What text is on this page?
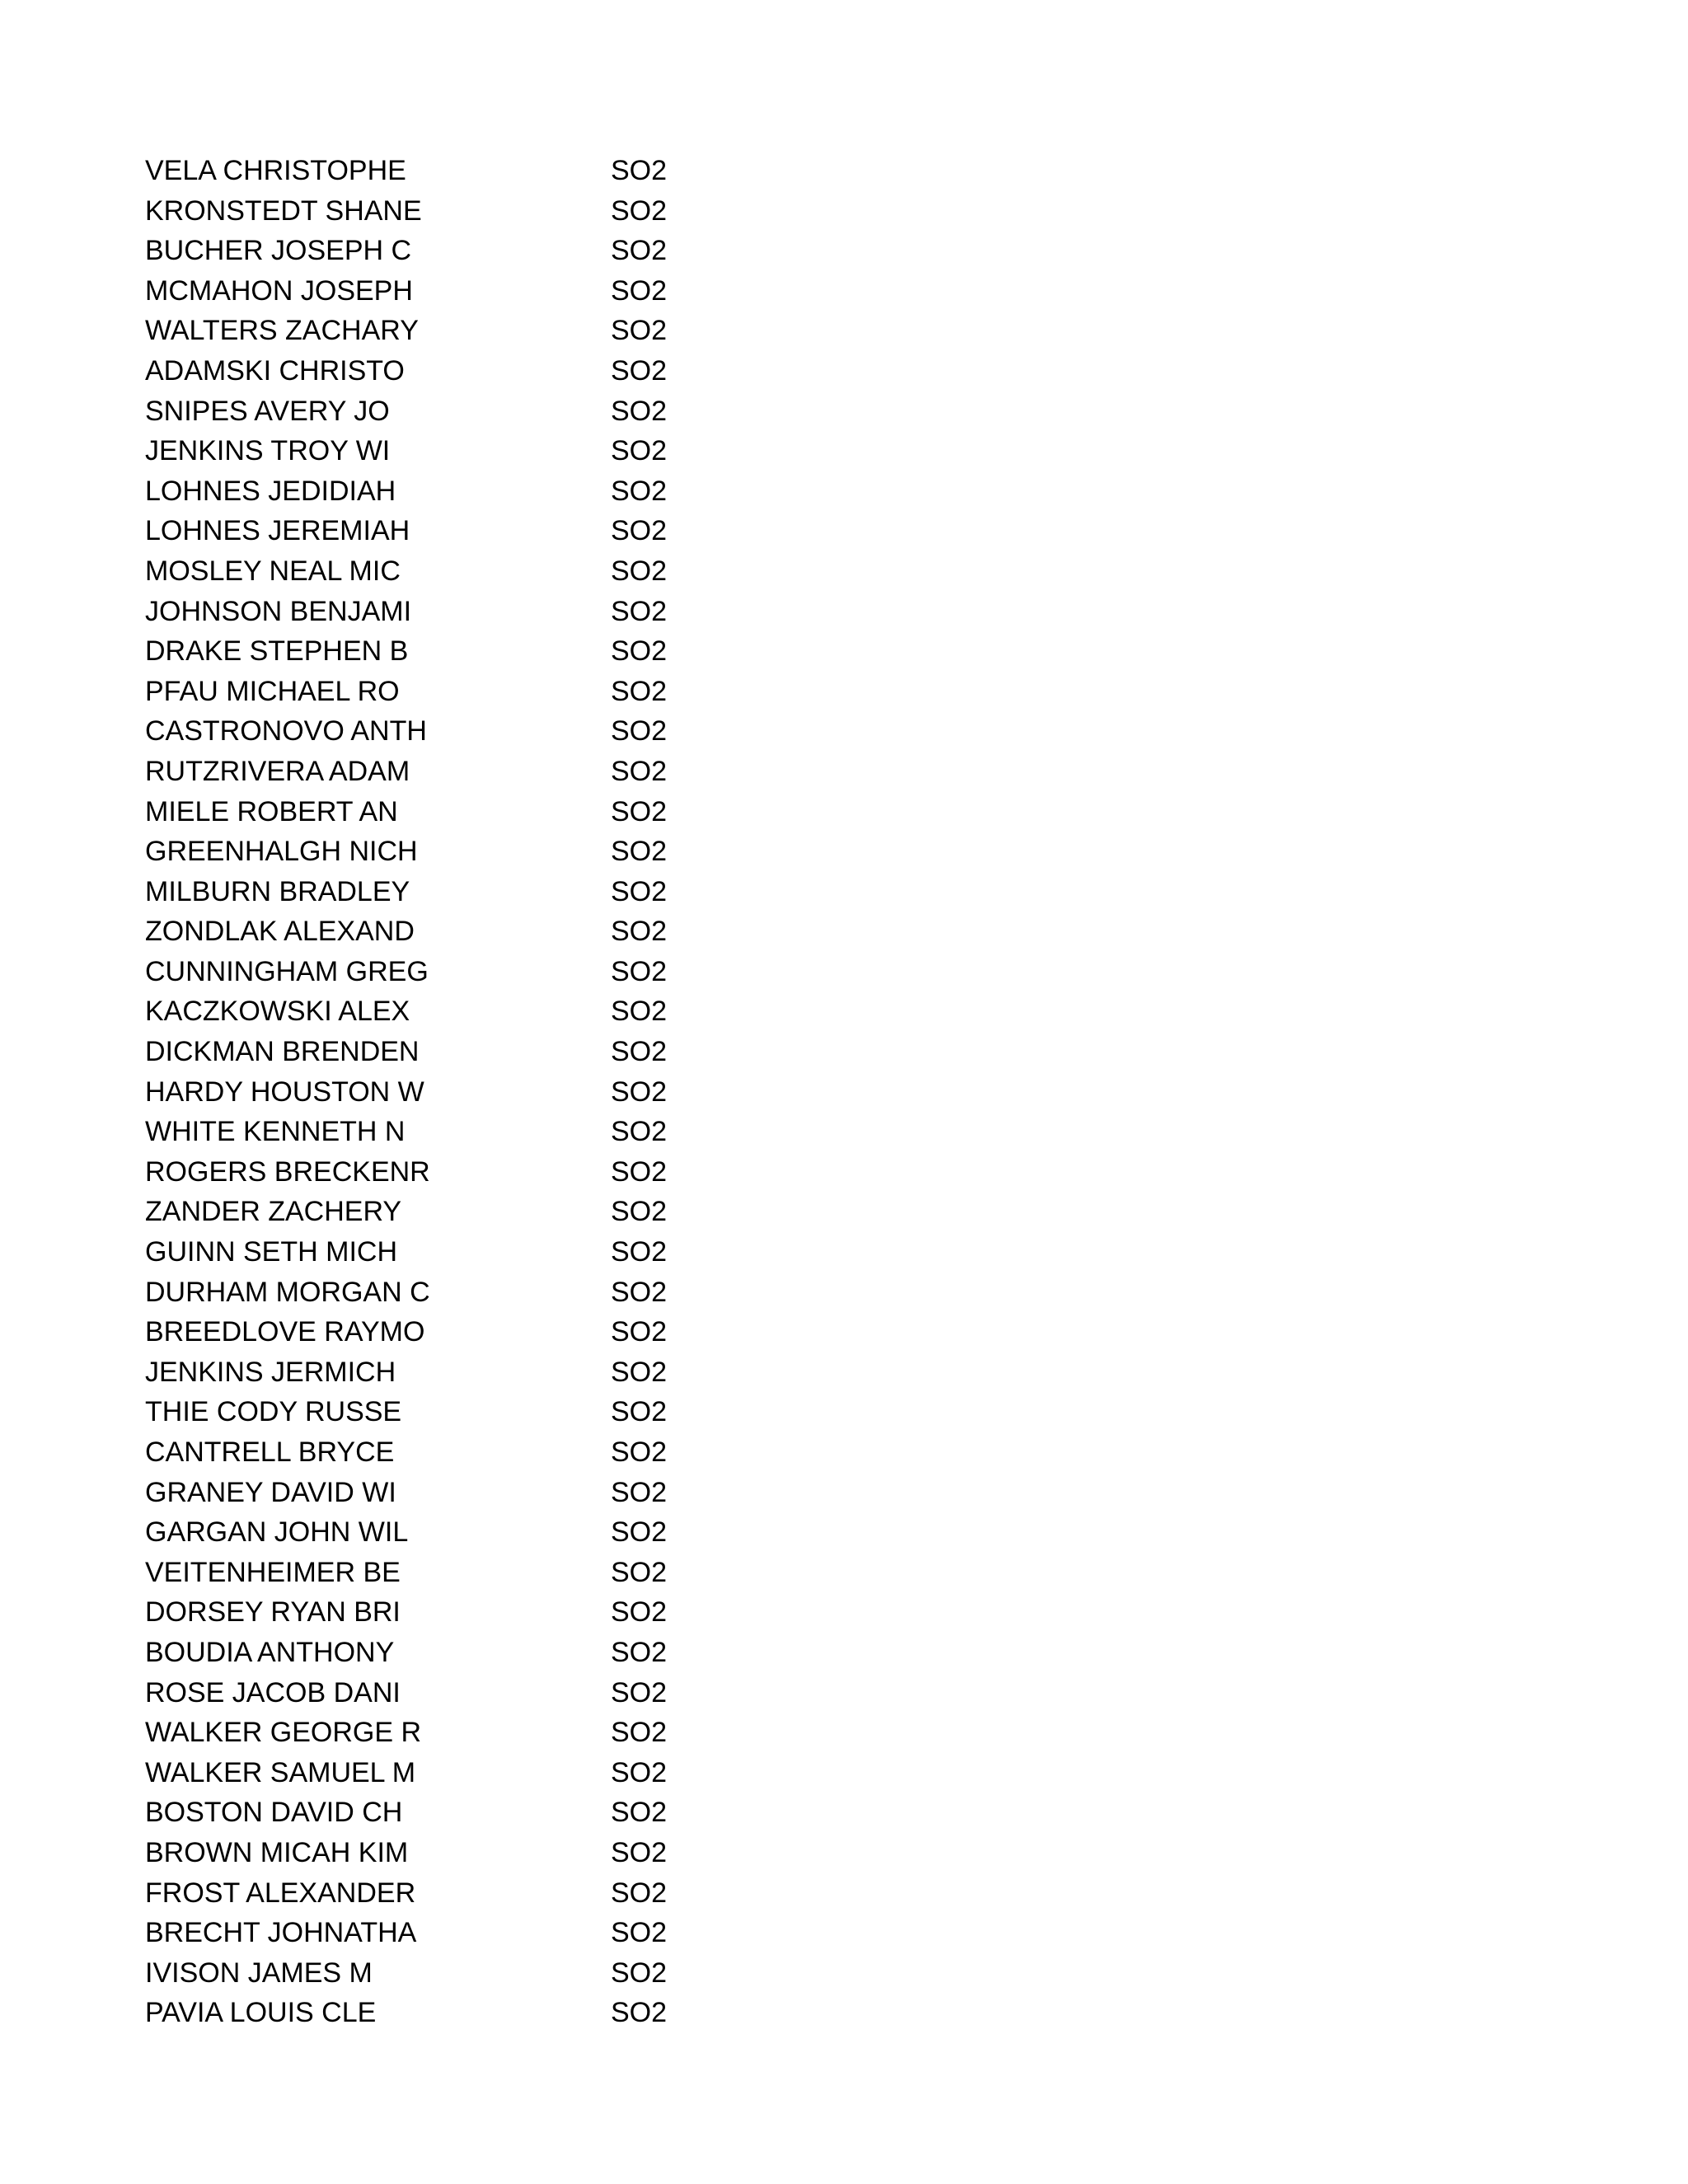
VELA CHRISTOPHE	SO2
KRONSTEDT SHANE	SO2
BUCHER JOSEPH C	SO2
MCMAHON JOSEPH	SO2
WALTERS ZACHARY	SO2
ADAMSKI CHRISTO	SO2
SNIPES AVERY JO	SO2
JENKINS TROY WI	SO2
LOHNES JEDIDIAH	SO2
LOHNES JEREMIAH	SO2
MOSLEY NEAL MIC	SO2
JOHNSON BENJAMI	SO2
DRAKE STEPHEN B	SO2
PFAU MICHAEL RO	SO2
CASTRONOVO ANTH	SO2
RUTZRIVERA ADAM	SO2
MIELE ROBERT AN	SO2
GREENHALGH NICH	SO2
MILBURN BRADLEY	SO2
ZONDLAK ALEXAND	SO2
CUNNINGHAM GREG	SO2
KACZKOWSKI ALEX	SO2
DICKMAN BRENDEN	SO2
HARDY HOUSTON W	SO2
WHITE KENNETH N	SO2
ROGERS BRECKENR	SO2
ZANDER ZACHERY	SO2
GUINN SETH MICH	SO2
DURHAM MORGAN C	SO2
BREEDLOVE RAYMO	SO2
JENKINS JERMICH	SO2
THIE CODY RUSSE	SO2
CANTRELL BRYCE	SO2
GRANEY DAVID WI	SO2
GARGAN JOHN WIL	SO2
VEITENHEIMER BE	SO2
DORSEY RYAN BRI	SO2
BOUDIA ANTHONY	SO2
ROSE JACOB DANI	SO2
WALKER GEORGE R	SO2
WALKER SAMUEL M	SO2
BOSTON DAVID CH	SO2
BROWN MICAH KIM	SO2
FROST ALEXANDER	SO2
BRECHT JOHNATHA	SO2
IVISON JAMES M	SO2
PAVIA LOUIS CLE	SO2
